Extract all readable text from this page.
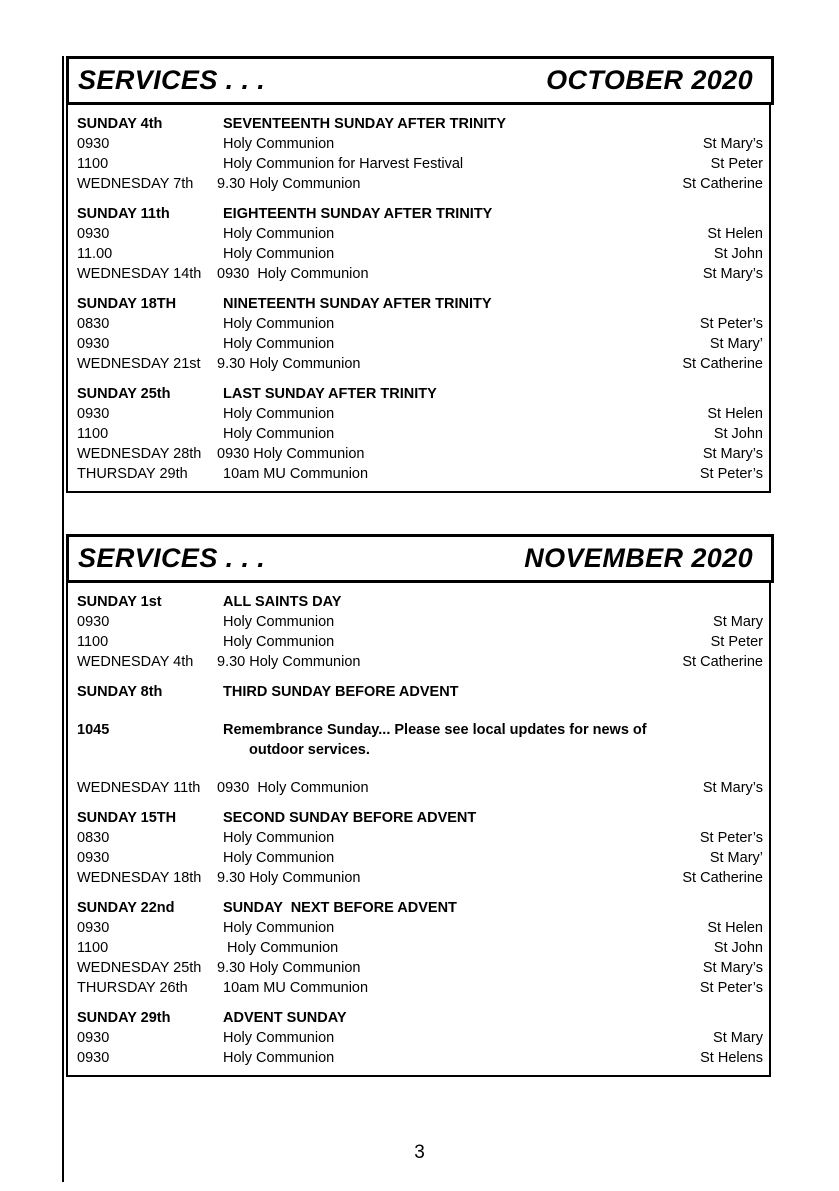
SERVICES . . .	OCTOBER 2020
SUNDAY 4th	SEVENTEENTH SUNDAY AFTER TRINITY
0930	Holy Communion	St Mary’s
1100	Holy Communion for Harvest Festival	St Peter
WEDNESDAY 7th	9.30 Holy Communion	St Catherine
SUNDAY 11th	EIGHTEENTH SUNDAY AFTER TRINITY
0930	Holy Communion	St Helen
11.00	Holy Communion	St John
WEDNESDAY 14th	0930  Holy Communion	St Mary’s
SUNDAY 18TH	NINETEENTH SUNDAY AFTER TRINITY
0830	Holy Communion	St Peter’s
0930	Holy Communion	St Mary’
WEDNESDAY 21st	9.30 Holy Communion	St Catherine
SUNDAY 25th	LAST SUNDAY AFTER TRINITY
0930	Holy Communion	St Helen
1100	Holy Communion	St John
WEDNESDAY 28th	0930 Holy Communion	St Mary’s
THURSDAY 29th	10am MU Communion	St Peter’s
SERVICES . . .	NOVEMBER 2020
SUNDAY 1st	ALL SAINTS DAY
0930	Holy Communion	St Mary
1100	Holy Communion	St Peter
WEDNESDAY 4th	9.30 Holy Communion	St Catherine
SUNDAY 8th	THIRD SUNDAY BEFORE ADVENT
1045	Remembrance Sunday... Please see local updates for news of
outdoor services.
WEDNESDAY 11th	0930  Holy Communion	St Mary’s
SUNDAY 15TH	SECOND SUNDAY BEFORE ADVENT
0830	Holy Communion	St Peter’s
0930	Holy Communion	St Mary’
WEDNESDAY 18th	9.30 Holy Communion	St Catherine
SUNDAY 22nd	SUNDAY  NEXT BEFORE ADVENT
0930	Holy Communion	St Helen
1100	Holy Communion	St John
WEDNESDAY 25th	9.30 Holy Communion	St Mary’s
THURSDAY 26th	10am MU Communion	St Peter’s
SUNDAY 29th	ADVENT SUNDAY
0930	Holy Communion	St Mary
0930	Holy Communion	St Helens
3
